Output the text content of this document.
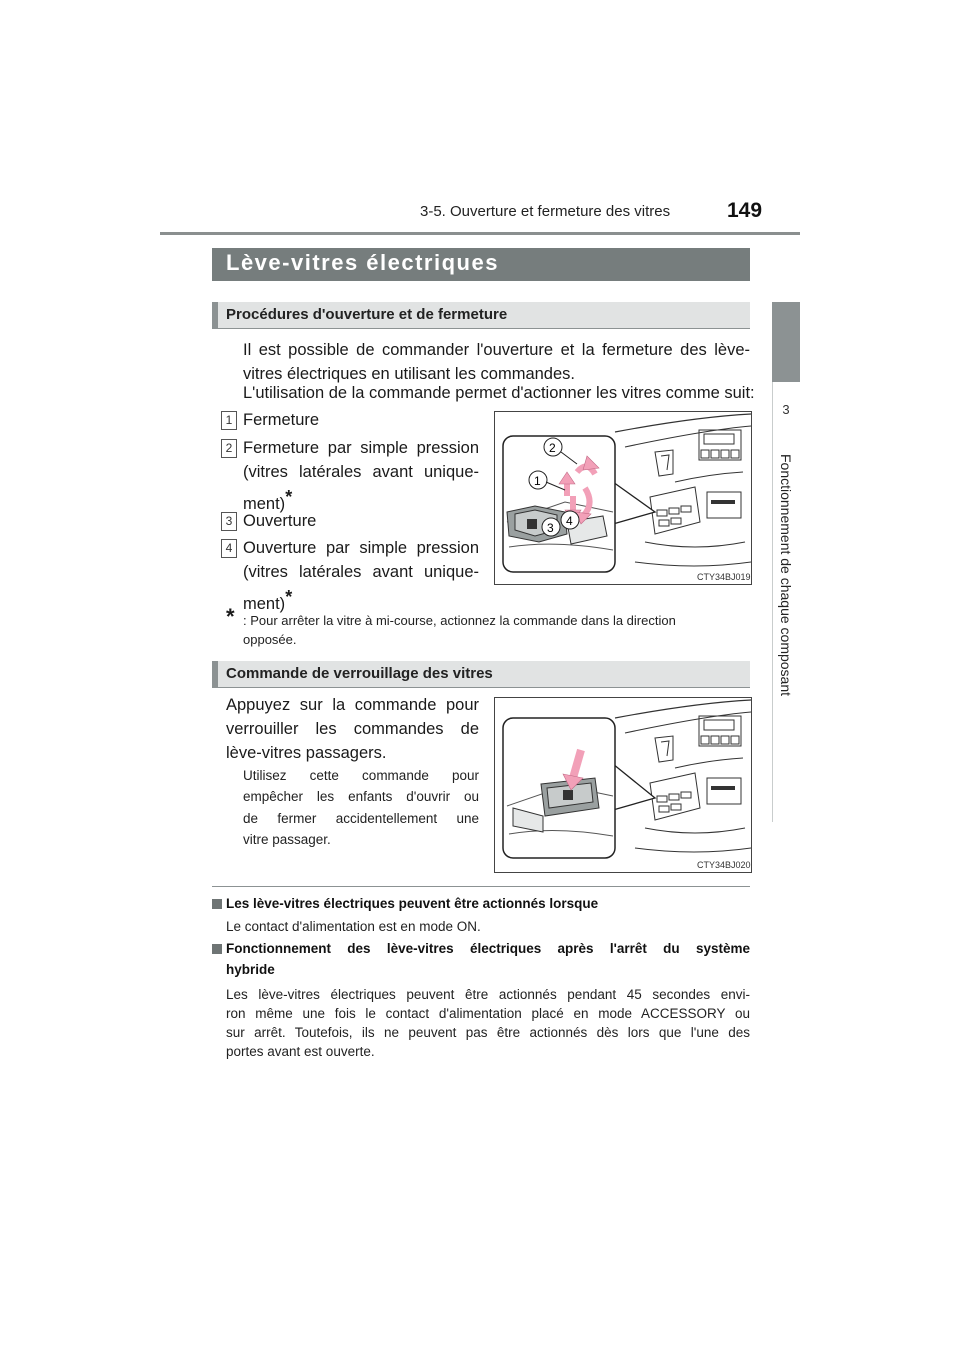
3-5. Ouverture et fermeture des vitres	149
3
Fonctionnement de chaque composant
Lève-vitres électriques
Procédures d'ouverture et de fermeture
Il est possible de commander l'ouverture et la fermeture des lève-
vitres électriques en utilisant les commandes.
L'utilisation de la commande permet d'actionner les vitres comme suit:
1 Fermeture
2 Fermeture par simple pression
(vitres latérales avant unique-
ment)*
3 Ouverture
4 Ouverture par simple pression
(vitres latérales avant unique-
ment)*
* : Pour arrêter la vitre à mi-course, actionnez la commande dans la direction
opposée.
2
1
3 4
CTY34BJ019
Commande de verrouillage des vitres
Appuyez sur la commande pour
verrouiller les commandes de
lève-vitres passagers.
Utilisez cette commande pour
empêcher les enfants d'ouvrir ou
de fermer accidentellement une
vitre passager.
CTY34BJ020
Les lève-vitres électriques peuvent être actionnés lorsque
Le contact d'alimentation est en mode ON.
Fonctionnement des lève-vitres électriques après l'arrêt du système
hybride
Les lève-vitres électriques peuvent être actionnés pendant 45 secondes envi-
ron même une fois le contact d'alimentation placé en mode ACCESSORY ou
sur arrêt. Toutefois, ils ne peuvent pas être actionnés dès lors que l'une des
portes avant est ouverte.
